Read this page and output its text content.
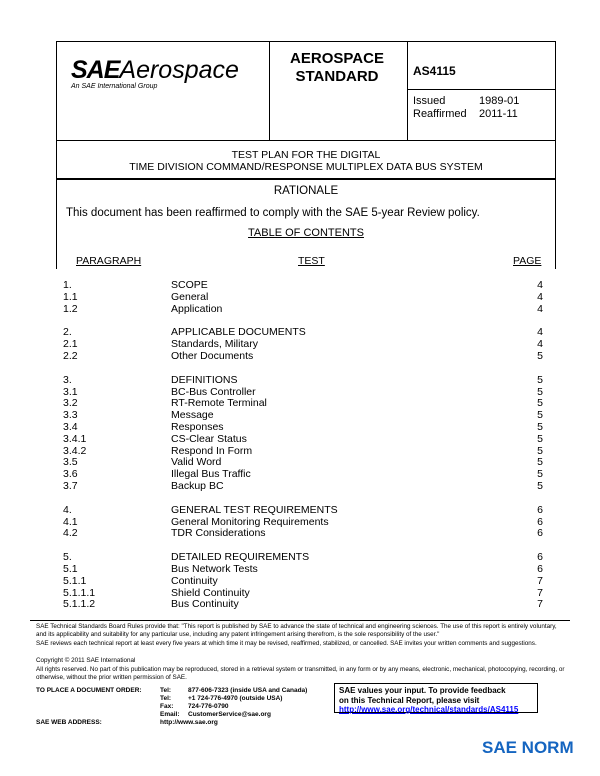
SAEAerospace
An SAE International Group
AEROSPACE
STANDARD	AS4115
Issued	1989-01
Reaffirmed 2011-11
TEST PLAN FOR THE DIGITAL
TIME DIVISION COMMAND/RESPONSE MULTIPLEX DATA BUS SYSTEM
RATIONALE
This document has been reaffirmed to comply with the SAE 5-year Review policy.
TABLE OF CONTENTS
PARAGRAPH	TEST	PAGE
1.	SCOPE	4
1.1	General	4
1.2	Application	4
2.	APPLICABLE DOCUMENTS	4
2.1	Standards, Military	4
2.2	Other Documents	5
3.	DEFINITIONS	5
3.1	BC-Bus Controller	5
3.2	RT-Remote Terminal	5
3.3	Message	5
3.4	Responses	5
3.4.1	CS-Clear Status	5
3.4.2	Respond In Form	5
3.5	Valid Word	5
3.6	Illegal Bus Traffic	5
3.7	Backup BC	5
4.	GENERAL TEST REQUIREMENTS	6
4.1	General Monitoring Requirements	6
4.2	TDR Considerations	6
5.	DETAILED REQUIREMENTS	6
5.1	Bus Network Tests	6
5.1.1	Continuity	7
5.1.1.1	Shield Continuity	7
5.1.1.2	Bus Continuity	7
SAE Technical Standards Board Rules provide that: "This report is published by SAE to advance the state of technical and engineering sciences. The use of this report is entirely voluntary, and its applicability and suitability for any particular use, including any patent infringement arising therefrom, is the sole responsibility of the user."
SAE reviews each technical report at least every five years at which time it may be revised, reaffirmed, stabilized, or cancelled. SAE invites your written comments and suggestions.
Copyright © 2011 SAE International
All rights reserved. No part of this publication may be reproduced, stored in a retrieval system or transmitted, in any form or by any means, electronic, mechanical, photocopying, recording, or otherwise, without the prior written permission of SAE.
TO PLACE A DOCUMENT ORDER:	Tel:	877-606-7323 (inside USA and Canada)
Tel:	+1 724-776-4970 (outside USA)
Fax: 724-776-0790
Email: CustomerService@sae.org
SAE WEB ADDRESS:	http://www.sae.org
SAE values your input. To provide feedback
on this Technical Report, please visit
http://www.sae.org/technical/standards/AS4115
SAE NORM
